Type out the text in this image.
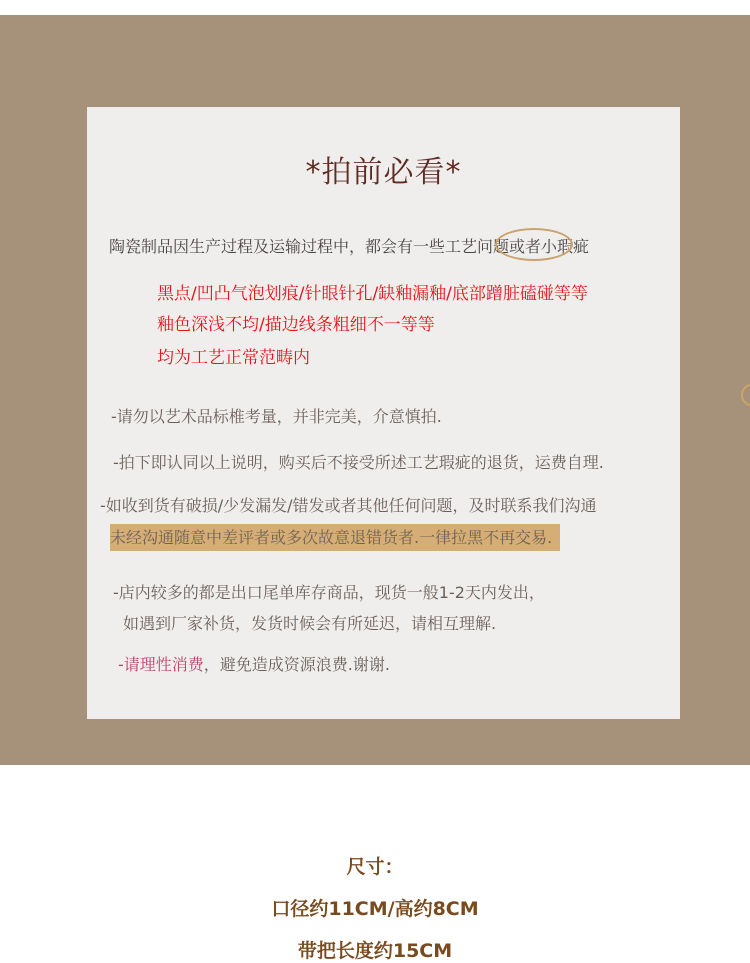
*拍前必看*
陶瓷制品因生产过程及运输过程中，都会有一些工艺问题或者小瑕疵
黑点/凹凸气泡划痕/针眼针孔/缺釉漏釉/底部蹭脏磕碰等等
釉色深浅不均/描边线条粗细不一等等
均为工艺正常范畴内
-请勿以艺术品标椎考量，并非完美，介意慎拍.
-拍下即认同以上说明，购买后不接受所述工艺瑕疵的退货，运费自理.
-如收到货有破损/少发漏发/错发或者其他任何问题，及时联系我们沟通
未经沟通随意中差评者或多次故意退错货者.一律拉黑不再交易.
-店内较多的都是出口尾单库存商品，现货一般1-2天内发出，
如遇到厂家补货，发货时候会有所延迟，请相互理解.
-请理性消费，避免造成资源浪费.谢谢.
尺寸：
口径约11CM/高约8CM
带把长度约15CM
